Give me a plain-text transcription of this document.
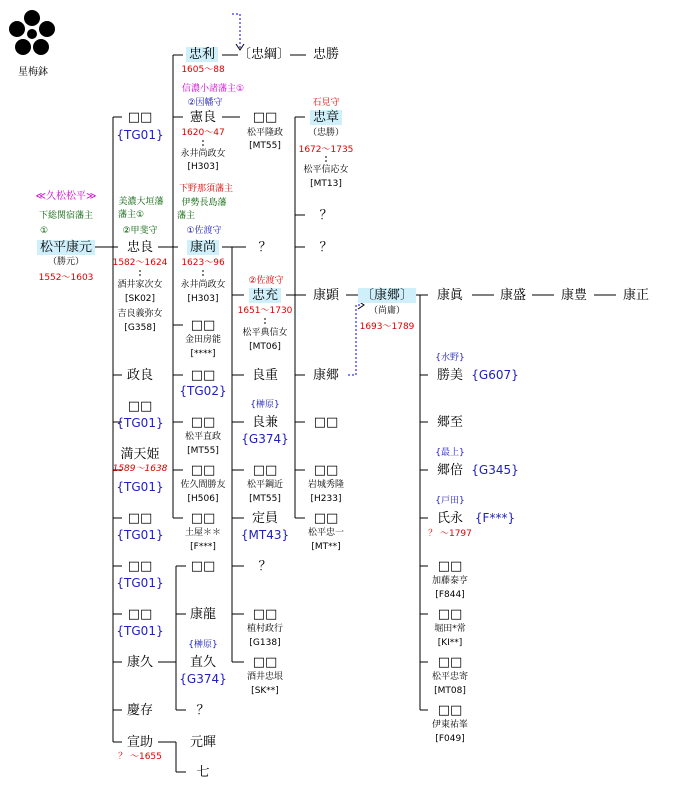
星梅鉢
忠利
1605～88
〔忠綱〕 忠勝
信濃小諸藩主①
②因幡守
憲良
1620～47
永井尚政女
[H303]
□□
{TG01}
□□
松平隆政
[MT55]
石見守
忠章
（忠勝）
1672～1735
松平信応女
[MT13]
≪久松松平≫
下総関宿藩主
①
松平康元
（勝元）
1552～1603
美濃大垣藩
藩主①
②甲斐守
忠良
1582～1624
酒井家次女
[SK02]
吉良義弥女
[G358]
下野那須藩主
伊勢長島藩
藩主
①佐渡守
康尚
1623～96
永井尚政女
[H303]
？
？
？
②佐渡守
忠充
1651～1730
松平典信女
[MT06]
康顕 〔康郷〕
（尚庸）
1693～1789
康眞	康盛	康豊	康正
政良
□□
{TG01}
満天姫
1589～1638
{TG01}
□□
{TG01}
□□
{TG01}
□□
{TG01}
康久
慶存
宣助
？ ～1655
□□
金田房能
[****]
□□
{TG02}
□□
松平直政
[MT55]
□□
佐久間勝友
[H506]
□□
土屋＊＊
[F***]
□□
康龍
{榊原}
直久
{G374}
？
元暉
七
良重
{榊原}
良兼
{G374}
□□
松平鋼近
[MT55]
定員
{MT43}
？
□□
植村政行
[G138]
□□
酒井忠垠
[SK**]
康郷
□□
□□
岩城秀隆
[H233]
□□
松平忠一
[MT**]
{水野}
勝美 {G607}
郷至
{最上}
郷倍 {G345}
{戸田}
氏永 {F***}
？ ～1797
□□
加藤泰亨
[F844]
□□
堀田*常
[KI**]
□□
松平忠寄
[MT08]
□□
伊東祐峯
[F049]
